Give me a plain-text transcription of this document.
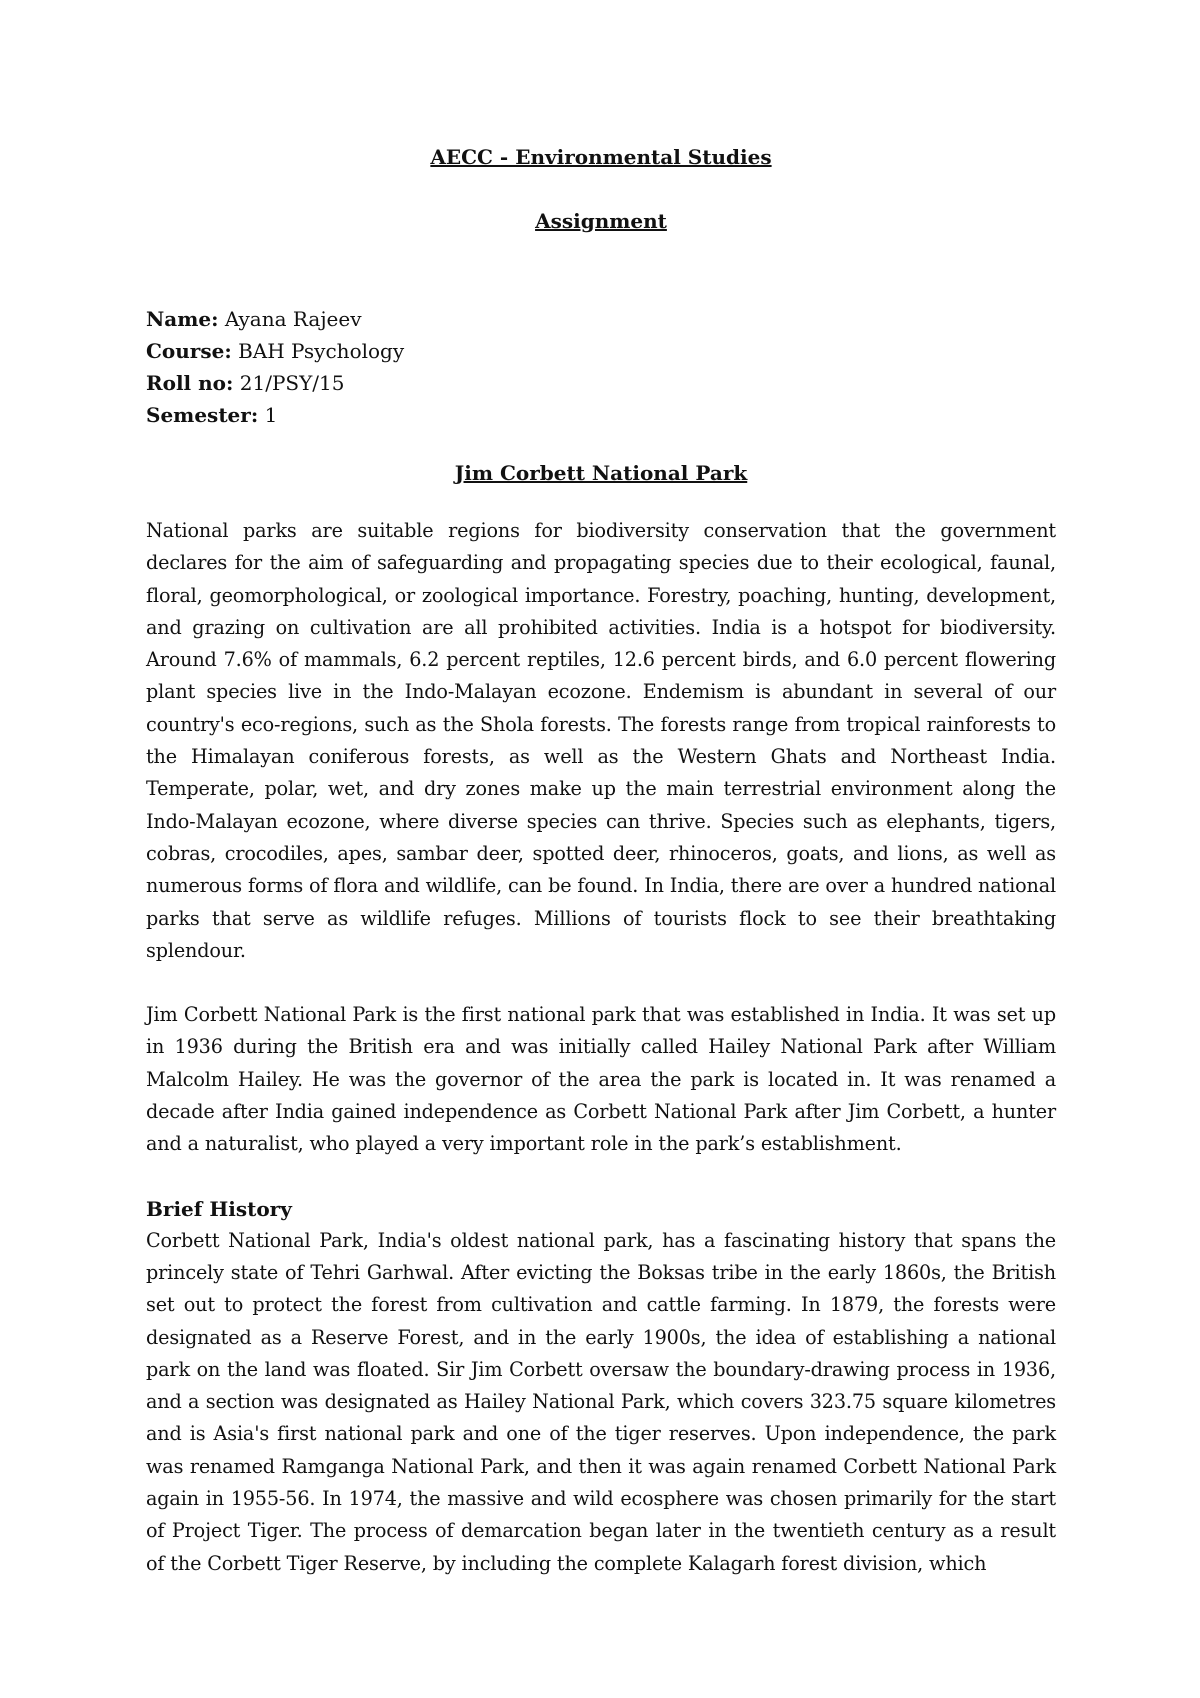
AECC - Environmental Studies
Assignment
Name: Ayana Rajeev
Course: BAH Psychology
Roll no: 21/PSY/15
Semester: 1
Jim Corbett National Park

National parks are suitable regions for biodiversity conservation that the government declares for the aim of safeguarding and propagating species due to their ecological, faunal, floral, geomorphological, or zoological importance. Forestry, poaching, hunting, development, and grazing on cultivation are all prohibited activities. India is a hotspot for biodiversity. Around 7.6% of mammals, 6.2 percent reptiles, 12.6 percent birds, and 6.0 percent flowering plant species live in the Indo-Malayan ecozone. Endemism is abundant in several of our country's eco-regions, such as the Shola forests. The forests range from tropical rainforests to the Himalayan coniferous forests, as well as the Western Ghats and Northeast India. Temperate, polar, wet, and dry zones make up the main terrestrial environment along the Indo-Malayan ecozone, where diverse species can thrive. Species such as elephants, tigers, cobras, crocodiles, apes, sambar deer, spotted deer, rhinoceros, goats, and lions, as well as numerous forms of flora and wildlife, can be found. In India, there are over a hundred national parks that serve as wildlife refuges. Millions of tourists flock to see their breathtaking splendour.

Jim Corbett National Park is the first national park that was established in India. It was set up in 1936 during the British era and was initially called Hailey National Park after William Malcolm Hailey. He was the governor of the area the park is located in. It was renamed a decade after India gained independence as Corbett National Park after Jim Corbett, a hunter and a naturalist, who played a very important role in the park’s establishment.

Brief History

Corbett National Park, India's oldest national park, has a fascinating history that spans the princely state of Tehri Garhwal. After evicting the Boksas tribe in the early 1860s, the British set out to protect the forest from cultivation and cattle farming. In 1879, the forests were designated as a Reserve Forest, and in the early 1900s, the idea of establishing a national park on the land was floated. Sir Jim Corbett oversaw the boundary-drawing process in 1936, and a section was designated as Hailey National Park, which covers 323.75 square kilometres and is Asia's first national park and one of the tiger reserves. Upon independence, the park was renamed Ramganga National Park, and then it was again renamed Corbett National Park again in 1955-56. In 1974, the massive and wild ecosphere was chosen primarily for the start of Project Tiger. The process of demarcation began later in the twentieth century as a result of the Corbett Tiger Reserve, by including the complete Kalagarh forest division, which
